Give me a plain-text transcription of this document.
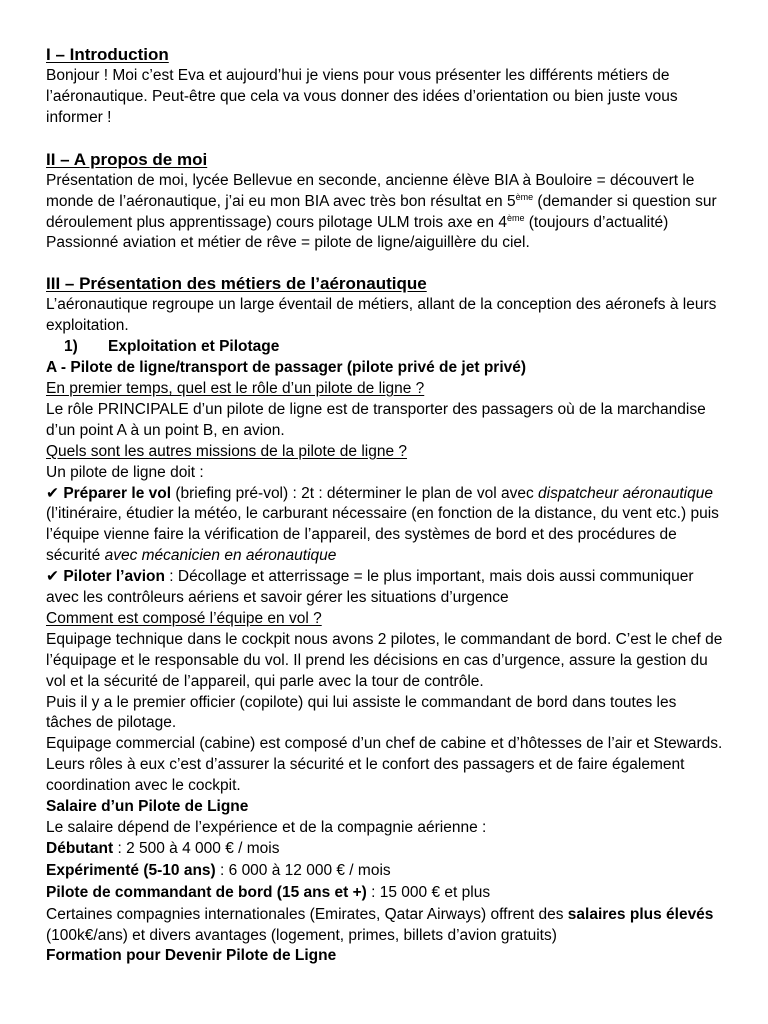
I – Introduction

Bonjour ! Moi c’est Eva et aujourd’hui je viens pour vous présenter les différents métiers de l’aéronautique. Peut-être que cela va vous donner des idées d’orientation ou bien juste vous informer !

II – A propos de moi

Présentation de moi, lycée Bellevue en seconde, ancienne élève BIA à Bouloire = découvert le monde de l’aéronautique, j’ai eu mon BIA avec très bon résultat en 5ème (demander si question sur déroulement plus apprentissage) cours pilotage ULM trois axe en 4ème (toujours d’actualité) Passionné aviation et métier de rêve = pilote de ligne/aiguillère du ciel.

III – Présentation des métiers de l’aéronautique

L’aéronautique regroupe un large éventail de métiers, allant de la conception des aéronefs à leurs exploitation.

1) Exploitation et Pilotage

A - Pilote de ligne/transport de passager (pilote privé de jet privé)

En premier temps, quel est le rôle d’un pilote de ligne ?

Le rôle PRINCIPALE d’un pilote de ligne est de transporter des passagers où de la marchandise d’un point A à un point B, en avion.

Quels sont les autres missions de la pilote de ligne ?

Un pilote de ligne doit :

✔ Préparer le vol (briefing pré-vol) : 2t : déterminer le plan de vol avec dispatcheur aéronautique (l’itinéraire, étudier la météo, le carburant nécessaire (en fonction de la distance, du vent etc.) puis l’équipe vienne faire la vérification de l’appareil, des systèmes de bord et des procédures de sécurité avec mécanicien en aéronautique

✔ Piloter l’avion : Décollage et atterrissage = le plus important, mais dois aussi communiquer avec les contrôleurs aériens et savoir gérer les situations d’urgence

Comment est composé l’équipe en vol ?

Equipage technique dans le cockpit nous avons 2 pilotes, le commandant de bord. C’est le chef de l’équipage et le responsable du vol. Il prend les décisions en cas d’urgence, assure la gestion du vol et la sécurité de l’appareil, qui parle avec la tour de contrôle.

Puis il y a le premier officier (copilote) qui lui assiste le commandant de bord dans toutes les tâches de pilotage.

Equipage commercial (cabine) est composé d’un chef de cabine et d’hôtesses de l’air et Stewards. Leurs rôles à eux c’est d’assurer la sécurité et le confort des passagers et de faire également coordination avec le cockpit.

Salaire d’un Pilote de Ligne

Le salaire dépend de l’expérience et de la compagnie aérienne :

Débutant : 2 500 à 4 000 € / mois

Expérimenté (5-10 ans) : 6 000 à 12 000 € / mois

Pilote de commandant de bord (15 ans et +) : 15 000 € et plus

Certaines compagnies internationales (Emirates, Qatar Airways) offrent des salaires plus élevés (100k€/ans) et divers avantages (logement, primes, billets d’avion gratuits)

Formation pour Devenir Pilote de Ligne
